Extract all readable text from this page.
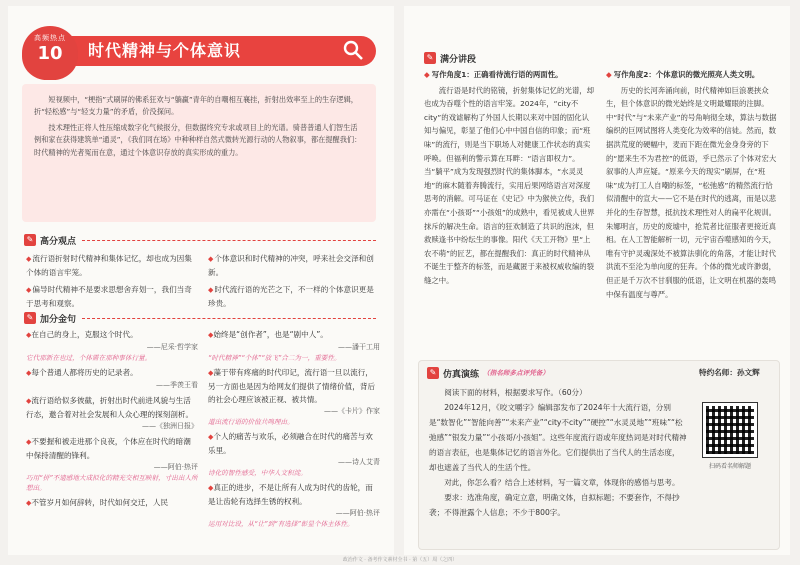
时代精神与个体意识
高频热点
10

短视频中，“梗指”式刷屏的佛系狂欢与“躺赢”青年的自嘲相互襄挂，折射出效率至上的生存逻辑，折“轻松感”与“轻支力量”的矛盾，价没探问。

技术理性正将人性压缩成数字化气候报分，但数据终究专求或项目上的光谱。骑普普通人们智生活例和家在获得建筑单“通灵”，《我们同在场》中种种样自然式微转光源行动的人物叙事，都在提醒我们：时代精神的光者冤而在意，通过个体意识存放的真实形成的重力。

✎ 高分观点

◆ 流行语折射时代精神和集体记忆，却也成为因集个体的语言牢笼。

◆ 偏导时代精神不是要求思想舍弃划一，我们当奇于思考和观察。

◆ 个体意识和时代精神的冲突，呼来社会交泽和创新。

◆ 时代流行语的光芒之下，不一样的个体意识更是珍贵。

✎ 加分金句
◆ 在自己的身上，克服这个时代。
——尼采·哲学家
它代那新在也过，个体需在那种事体行量。
◆ 每个普通人都将历史的记录者。
——季羡王看
◆ 流行语给似多彼截，折射出时代前进风貌与生活行态，邀合着对社会发展和人众心理的探刻剖析。
——《独洲日报》
◆ 不要握和被走进那个良夜，个体应在时代的暗潮中保持清醒的锋利。
——阿伯·热评
巧用“拼”不遗感地大成拟化的精光交相互映射，寸出出人所想出。
◆ 不管岁月如何辞转，时代如何交迁，人民
◆ 始终是“创作者”，也是“剧中人”。
——潘干工用
“时代精神”“个体”“放飞”合二为一，重要性。
◆ 藻于带有疼痛的时代印记，流行语一旦以流行，另一方面也是因为给网友们提供了情绪价值，背后的社会心理应该被正视、被共情。
——《卡片》作家
道出流行语的价值共鸣理由。
◆ 个人的痛苦与欢乐，必须融合在时代的痛苦与欢乐里。
——诗人艾青
诗化的智性感受，中华人文积淀。
◆ 真正的进步，不是让所有人成为时代的齿轮，而是让齿轮有选择生锈的权利。
——阿伯·热评
运用对比设，从“让”到“有选择”彰显个体主体性。
✎ 满分讲段
◆ 写作角度1：正确看待流行语的两面性。

流行语是时代的铭镜，折射集体记忆的光谱，却也成为吞噬个性的语言牢笼。2024年，“city不city”的戏谑解构了外国人长期以来对中国的固化认知与偏见，彰显了他们心中中国自信的印象；而“班味”的流行，则是当下职场人对健康工作状态的真实呼唤。但福利的警示算在耳畔：“语言即权力”。当“躺平”成为发现强烈时代的集体脚本，“水灵灵地”的麻木随着奔腾流行，实用后果网络语言对深度思考的消解。可马证在《史记》中为猴侠立传，我们亦需在“小孩哥”“小孩姐”的成熟中，看见被成人世界抹斥的解决生命。语言的狂欢制造了共识的泡沫，但救赎逢书中纷纭生的事像。阳代《天工开物》里“上农不萌”的匠艺，都在提醒我们：真正的时代精神从不诞生于整齐的标签，而是藏匿于来被权威收编的裂缝之中。

◆ 写作角度2：个体意识的微光照亮人类文明。

历史的长河奔涌向前，时代精神如巨浪裹挟众生，但个体意识的微光始终是文明最耀眼的注脚。中“时代”与“未来产业”的号角响彻全球，算法与数据编织的巨网试图将人类变化为效率的信徒。然而，数据洪荒度的硬幅中，麦而下距在微光金身身旁的下的“愿来生不为君控”的低语，乎已然示了个体对宏大叙事的人声应疑。“原来今天的现实”刷屏，在“班味”成为打工人自嘲的标签，“松弛感”的精然流行恰似清醒中的宣大——它不是在时代的逃离，而是以悲并化的生存智慧，抵抗技术理性对人的扁平化规训。朱娜明言，历史的废墟中，抢荒者比征服者更接近真相。在人工智能解析一切，元宇宙吞噬感知的今天，唯有守护灵魂深处不被算法驯化的角落，才能让时代洪流不至沦为单向度的狂奔。个体的微光或许渺弱，但正是千万次不甘驯服的低语，让文明在机器的轰鸣中保有温度与尊严。

✎ 仿真演练 （指名师多点评凭备）	特约名师：孙文辉

阅读下面的材料，根据要求写作。（60分）

2024年12月，《咬文嚼字》编辑部发布了2024年十大流行语，分别是“数智化”“智能向善”“未来产业”“city不city”“硬控”“水灵灵地”“班味”“松弛感”“银发力量”“小孩哥/小孩姐”。这些年度流行语或年度热词是对时代精神的语言表征，也是集体记忆的语言外化。它们提供出了当代人的生活态度，却也遮盖了当代人的生活个性。

对此，你怎么看？结合上述材料，写一篇文章，体现你的感悟与思考。

要求：选准角度，确定立意，明确文体，自拟标题；不要套作，不得抄袭；不得泄露个人信息；不少于800字。

扫码看名师解题
政治作文 · 备考作文素材全书 · 第（五）周（之四）
